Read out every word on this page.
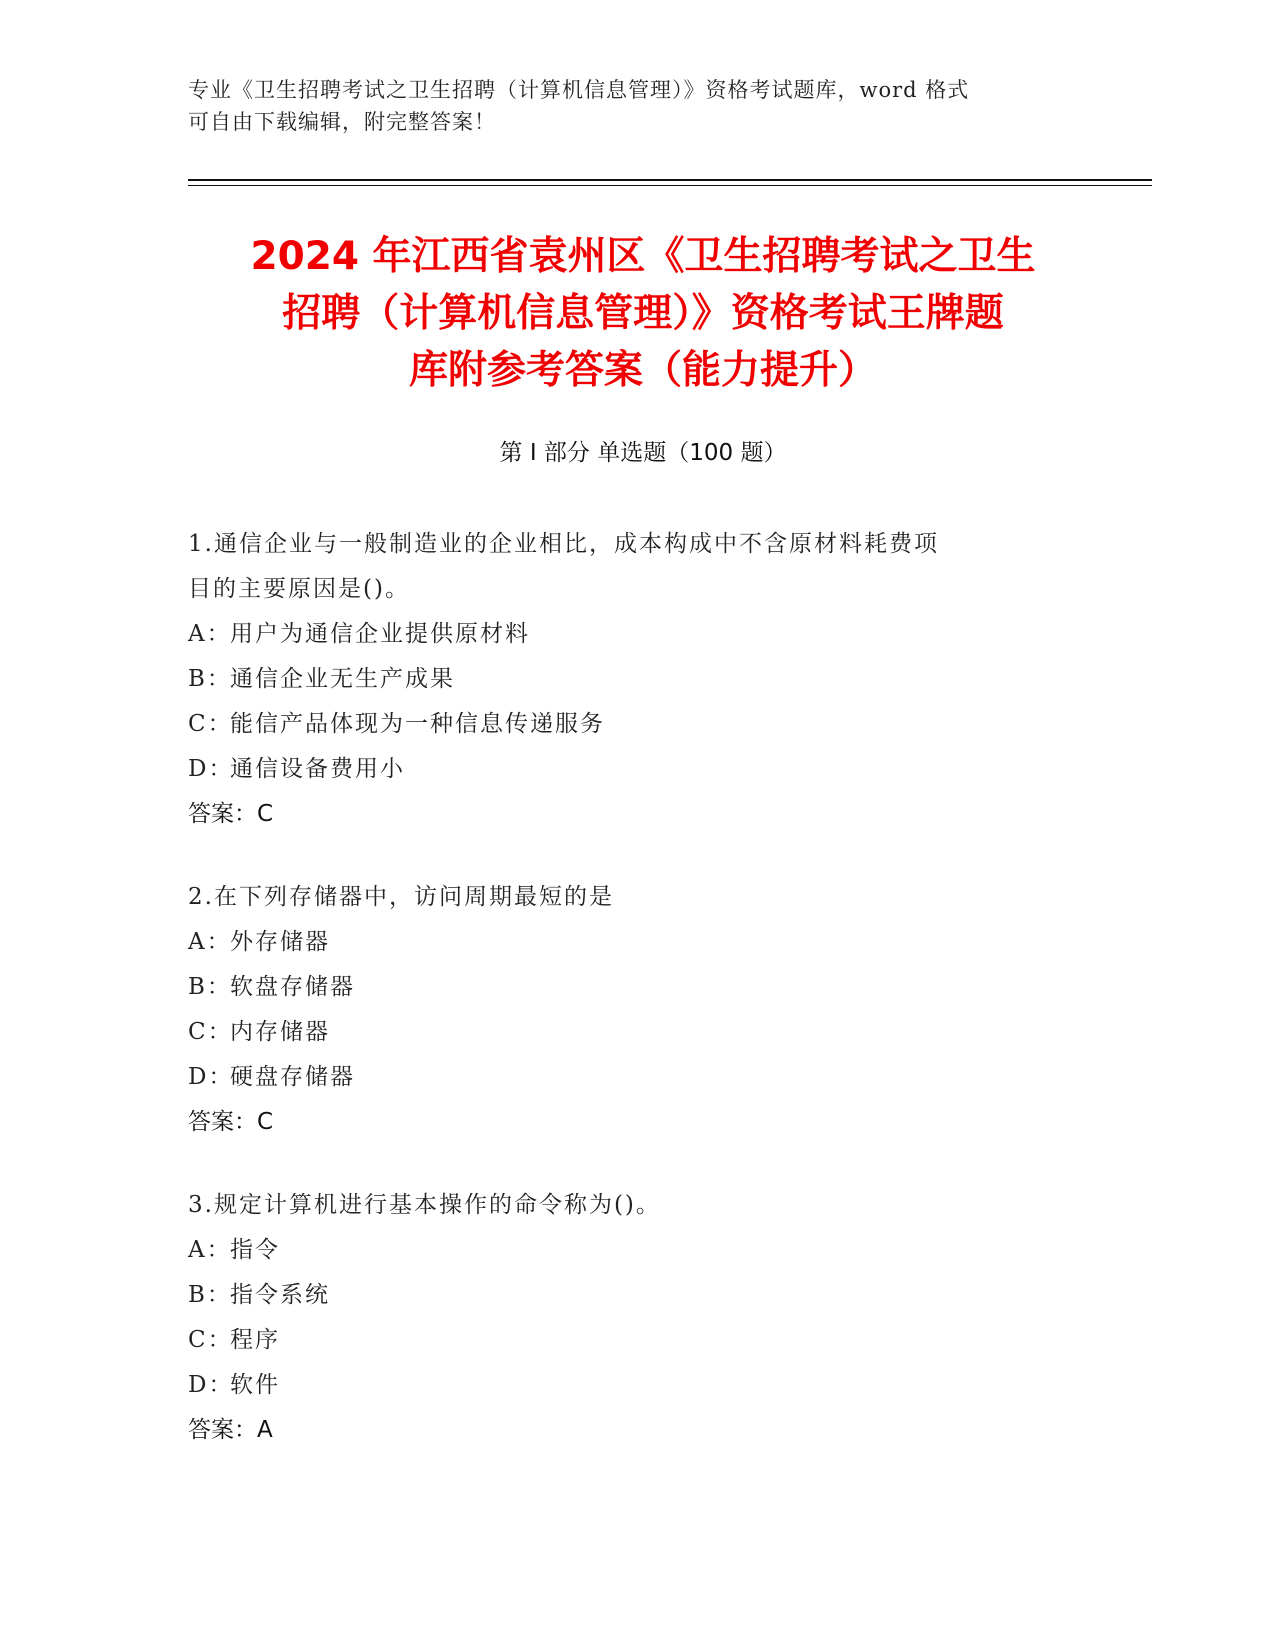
专业《卫生招聘考试之卫生招聘（计算机信息管理）》资格考试题库，word 格式
可自由下载编辑，附完整答案！
2024 年江西省袁州区《卫生招聘考试之卫生
招聘（计算机信息管理）》资格考试王牌题
库附参考答案（能力提升）
第 I 部分 单选题（100 题）
1.通信企业与一般制造业的企业相比，成本构成中不含原材料耗费项
目的主要原因是()。
A：用户为通信企业提供原材料
B：通信企业无生产成果
C：能信产品体现为一种信息传递服务
D：通信设备费用小
答案：C
2.在下列存储器中，访问周期最短的是
A：外存储器
B：软盘存储器
C：内存储器
D：硬盘存储器
答案：C
3.规定计算机进行基本操作的命令称为()。
A：指令
B：指令系统
C：程序
D：软件
答案：A
